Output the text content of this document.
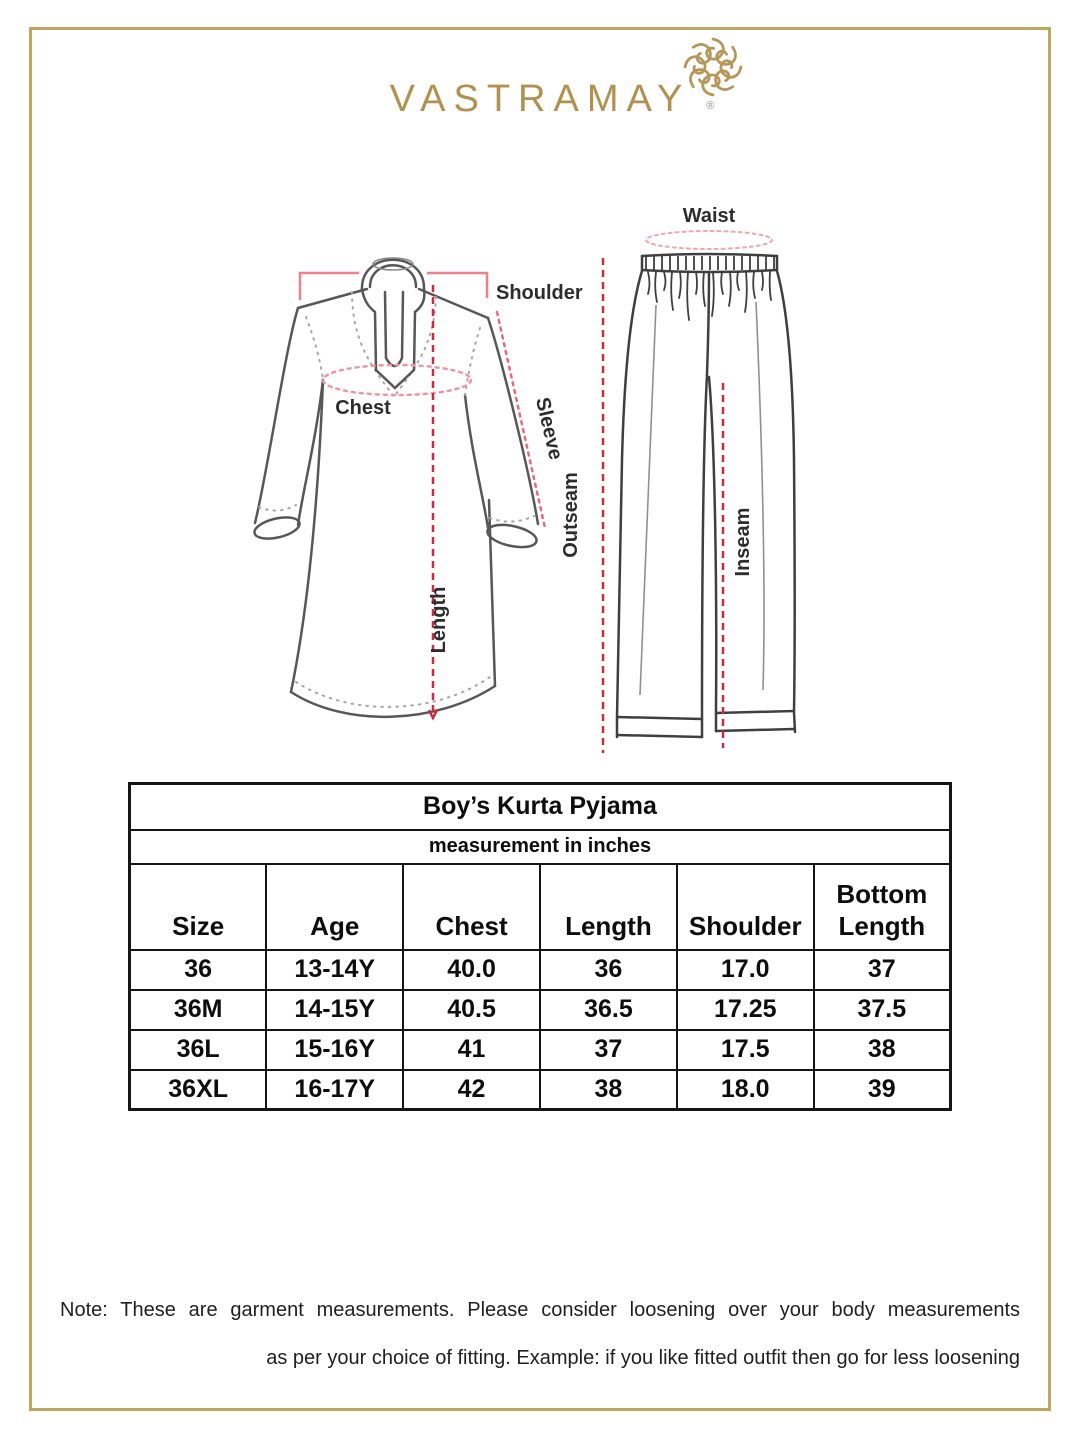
VASTRAMAY ®
Shoulder
Chest	Sleeve
Length
Waist
Outseam	Inseam
Boy’s Kurta Pyjama					
measurement in inches					
Size	Age	Chest	Length	Shoulder	Bottom Length
36	13-14Y	40.0	36	17.0	37
36M	14-15Y	40.5	36.5	17.25	37.5
36L	15-16Y	41	37	17.5	38
36XL	16-17Y	42	38	18.0	39
Note: These are garment measurements. Please consider loosening over your body measurements
as per your choice of fitting. Example: if you like fitted outfit then go for less loosening
